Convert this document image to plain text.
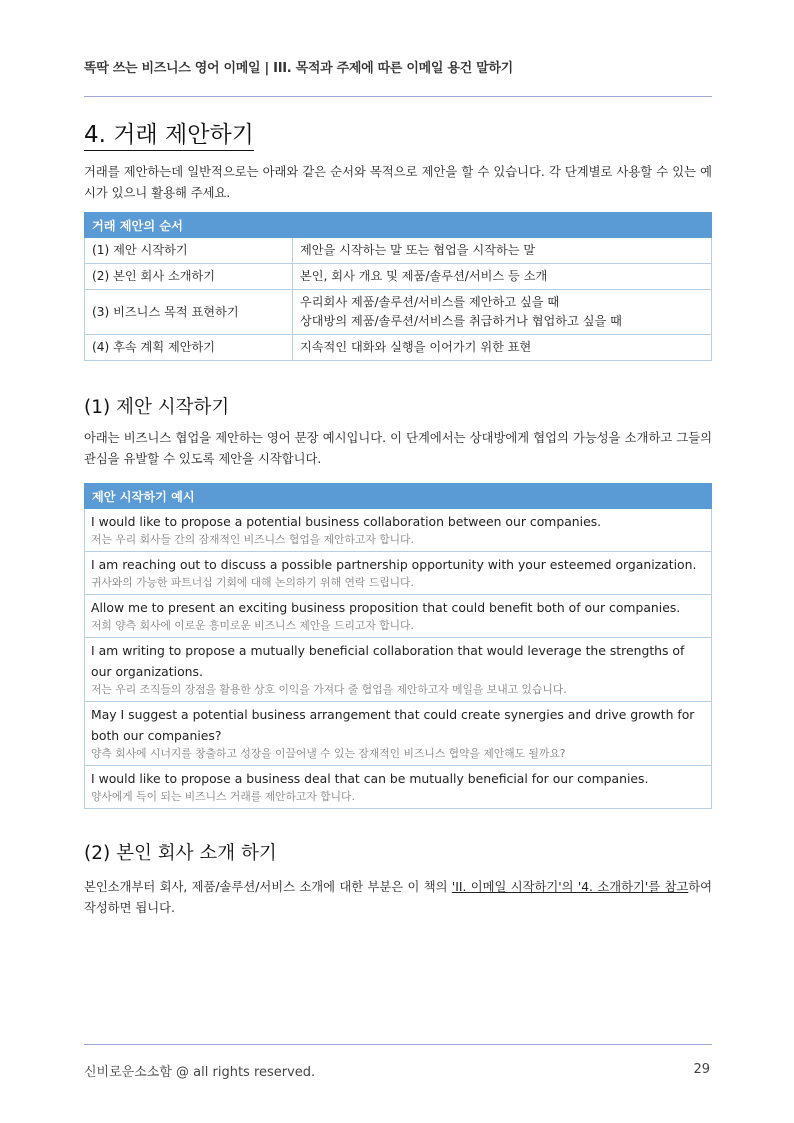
똑딱 쓰는 비즈니스 영어 이메일 | III. 목적과 주제에 따른 이메일 용건 말하기
4. 거래 제안하기

거래를 제안하는데 일반적으로는 아래와 같은 순서와 목적으로 제안을 할 수 있습니다. 각 단계별로 사용할 수 있는 예시가 있으니 활용해 주세요.

거래 제안의 순서	
(1) 제안 시작하기	제안을 시작하는 말 또는 협업을 시작하는 말
(2) 본인 회사 소개하기	본인, 회사 개요 및 제품/솔루션/서비스 등 소개
(3) 비즈니스 목적 표현하기	우리회사 제품/솔루션/서비스를 제안하고 싶을 때
상대방의 제품/솔루션/서비스를 취급하거나 협업하고 싶을 때

(4) 후속 계획 제안하기	지속적인 대화와 실행을 이어가기 위한 표현
(1) 제안 시작하기

아래는 비즈니스 협업을 제안하는 영어 문장 예시입니다. 이 단계에서는 상대방에게 협업의 가능성을 소개하고 그들의 관심을 유발할 수 있도록 제안을 시작합니다.

제안 시작하기 예시

I would like to propose a potential business collaboration between our companies.
저는 우리 회사들 간의 잠재적인 비즈니스 협업을 제안하고자 합니다.

I am reaching out to discuss a possible partnership opportunity with your esteemed organization.
귀사와의 가능한 파트너십 기회에 대해 논의하기 위해 연락 드립니다.

Allow me to present an exciting business proposition that could benefit both of our companies.
저희 양측 회사에 이로운 흥미로운 비즈니스 제안을 드리고자 합니다.

I am writing to propose a mutually beneficial collaboration that would leverage the strengths of our organizations.
저는 우리 조직들의 장점을 활용한 상호 이익을 가져다 줄 협업을 제안하고자 메일을 보내고 있습니다.

May I suggest a potential business arrangement that could create synergies and drive growth for both our companies?
양측 회사에 시너지를 창출하고 성장을 이끌어낼 수 있는 잠재적인 비즈니스 협약을 제안해도 될까요?

I would like to propose a business deal that can be mutually beneficial for our companies.
양사에게 득이 되는 비즈니스 거래를 제안하고자 합니다.
(2) 본인 회사 소개 하기

본인소개부터 회사, 제품/솔루션/서비스 소개에 대한 부분은 이 책의 'II. 이메일 시작하기'의 '4. 소개하기'를 참고하여 작성하면 됩니다.

신비로운소소함 @ all rights reserved.	29
